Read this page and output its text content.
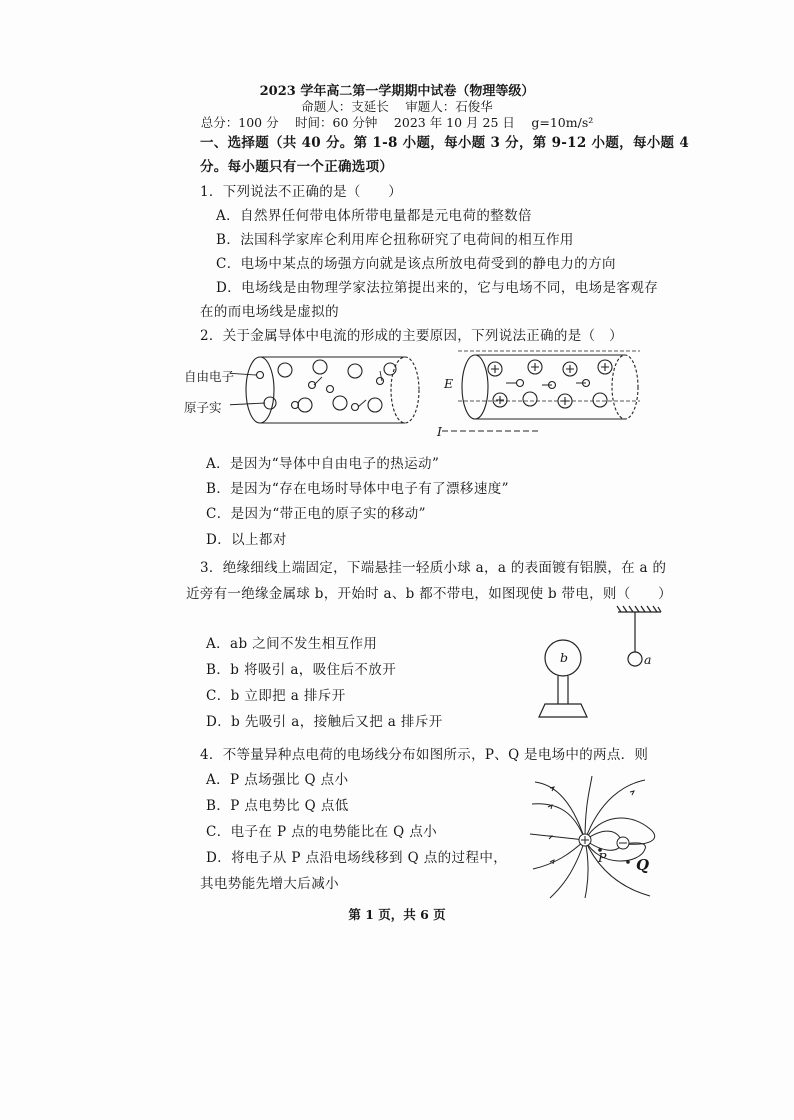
2023 学年高二第一学期期中试卷（物理等级）
命题人：支延长　 审题人：石俊华
总分：100 分　 时间：60 分钟　 2023 年 10 月 25 日　 g=10m/s²
一、选择题（共 40 分。第 1-8 小题，每小题 3 分，第 9-12 小题，每小题 4
分。每小题只有一个正确选项）
1．下列说法不正确的是（　　）
A．自然界任何带电体所带电量都是元电荷的整数倍
B．法国科学家库仑利用库仑扭称研究了电荷间的相互作用
C．电场中某点的场强方向就是该点所放电荷受到的静电力的方向
D．电场线是由物理学家法拉第提出来的，它与电场不同，电场是客观存
在的而电场线是虚拟的
2．关于金属导体中电流的形成的主要原因，下列说法正确的是（　）
自由电子
原子实
E
I
A．是因为“导体中自由电子的热运动”
B．是因为“存在电场时导体中电子有了漂移速度”
C．是因为“带正电的原子实的移动”
D．以上都对
3．绝缘细线上端固定，下端悬挂一轻质小球 a，a 的表面镀有铝膜，在 a 的
近旁有一绝缘金属球 b，开始时 a、b 都不带电，如图现使 b 带电，则（　　）
A．ab 之间不发生相互作用
B．b 将吸引 a，吸住后不放开
C．b 立即把 a 排斥开
D．b 先吸引 a，接触后又把 a 排斥开
b	a
4．不等量异种点电荷的电场线分布如图所示，P、Q 是电场中的两点．则
A．P 点场强比 Q 点小
B．P 点电势比 Q 点低
C．电子在 P 点的电势能比在 Q 点小
D．将电子从 P 点沿电场线移到 Q 点的过程中，
其电势能先增大后减小
P Q
第 1 页，共 6 页
